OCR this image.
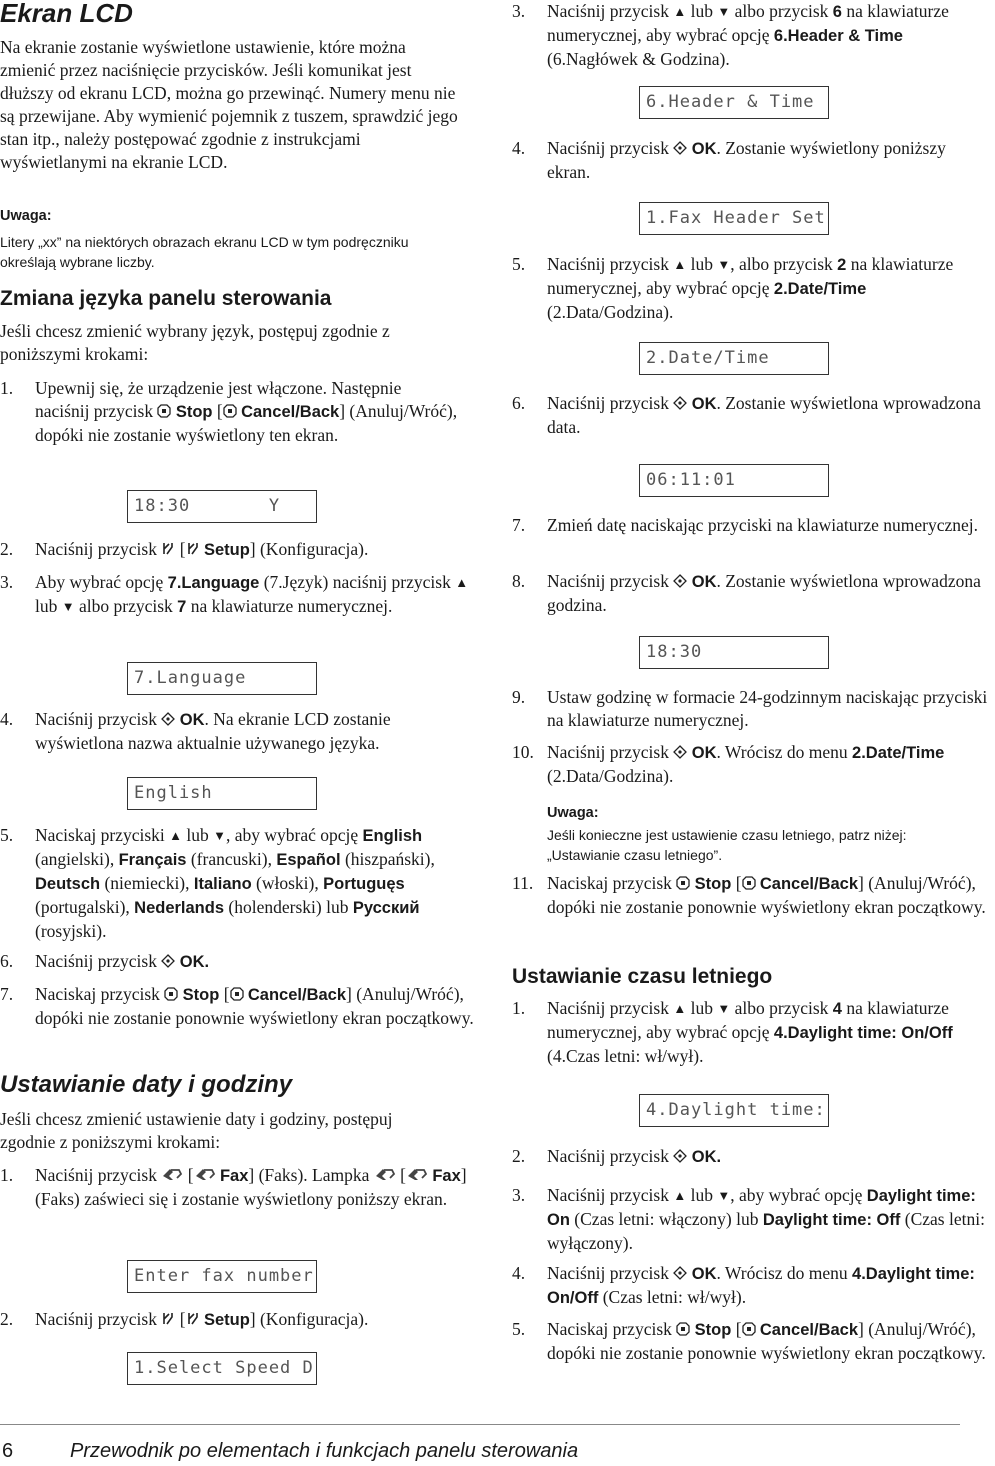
Ekran LCD

Na ekranie zostanie wyświetlone ustawienie, które można zmienić przez naciśnięcie przycisków. Jeśli komunikat jest dłuższy od ekranu LCD, można go przewinąć. Numery menu nie są przewijane. Aby wymienić pojemnik z tuszem, sprawdzić jego stan itp., należy postępować zgodnie z instrukcjami wyświetlanymi na ekranie LCD.

Uwaga:

Litery „xx” na niektórych obrazach ekranu LCD w tym podręczniku określają wybrane liczby.

Zmiana języka panelu sterowania

Jeśli chcesz zmienić wybrany język, postępuj zgodnie z poniższymi krokami:

1. Upewnij się, że urządzenie jest włączone. Następnie naciśnij przycisk Stop [ Cancel/Back] (Anuluj/Wróć), dopóki nie zostanie wyświetlony ten ekran.
18:30       Y
2. Naciśnij przycisk [ Setup] (Konfiguracja).
3. Aby wybrać opcję 7.Language (7.Język) naciśnij przycisk ▲ lub ▼ albo przycisk 7 na klawiaturze numerycznej.
7.Language
4. Naciśnij przycisk OK. Na ekranie LCD zostanie wyświetlona nazwa aktualnie używanego języka.
English
5. Naciskaj przyciski ▲ lub ▼, aby wybrać opcję English (angielski), Français (francuski), Español (hiszpański), Deutsch (niemiecki), Italiano (włoski), Portuguęs (portugalski), Nederlands (holenderski) lub Русский (rosyjski).
6. Naciśnij przycisk OK.
7. Naciskaj przycisk Stop [ Cancel/Back] (Anuluj/Wróć), dopóki nie zostanie ponownie wyświetlony ekran początkowy.
Ustawianie daty i godziny

Jeśli chcesz zmienić ustawienie daty i godziny, postępuj zgodnie z poniższymi krokami:

1. Naciśnij przycisk [ Fax] (Faks). Lampka [ Fax] (Faks) zaświeci się i zostanie wyświetlony poniższy ekran.
Enter fax number
2. Naciśnij przycisk [ Setup] (Konfiguracja).
1.Select Speed D
3. Naciśnij przycisk ▲ lub ▼ albo przycisk 6 na klawiaturze numerycznej, aby wybrać opcję 6.Header & Time (6.Nagłówek & Godzina).
6.Header & Time
4. Naciśnij przycisk OK. Zostanie wyświetlony poniższy ekran.
1.Fax Header Set
5. Naciśnij przycisk ▲ lub ▼, albo przycisk 2 na klawiaturze numerycznej, aby wybrać opcję 2.Date/Time (2.Data/Godzina).
2.Date/Time
6. Naciśnij przycisk OK. Zostanie wyświetlona wprowadzona data.
06:11:01
7. Zmień datę naciskając przyciski na klawiaturze numerycznej.
8. Naciśnij przycisk OK. Zostanie wyświetlona wprowadzona godzina.
18:30
9. Ustaw godzinę w formacie 24-godzinnym naciskając przyciski na klawiaturze numerycznej.
10. Naciśnij przycisk OK. Wrócisz do menu 2.Date/Time (2.Data/Godzina).

Uwaga:

Jeśli konieczne jest ustawienie czasu letniego, patrz niżej: „Ustawianie czasu letniego”.

11. Naciskaj przycisk Stop [ Cancel/Back] (Anuluj/Wróć), dopóki nie zostanie ponownie wyświetlony ekran początkowy.
Ustawianie czasu letniego
1. Naciśnij przycisk ▲ lub ▼ albo przycisk 4 na klawiaturze numerycznej, aby wybrać opcję 4.Daylight time: On/Off (4.Czas letni: wł/wył).
4.Daylight time:
2. Naciśnij przycisk OK.
3. Naciśnij przycisk ▲ lub ▼, aby wybrać opcję Daylight time: On (Czas letni: włączony) lub Daylight time: Off (Czas letni: wyłączony).
4. Naciśnij przycisk OK. Wrócisz do menu 4.Daylight time: On/Off (Czas letni: wł/wył).
5. Naciskaj przycisk Stop [ Cancel/Back] (Anuluj/Wróć), dopóki nie zostanie ponownie wyświetlony ekran początkowy.
6	Przewodnik po elementach i funkcjach panelu sterowania
